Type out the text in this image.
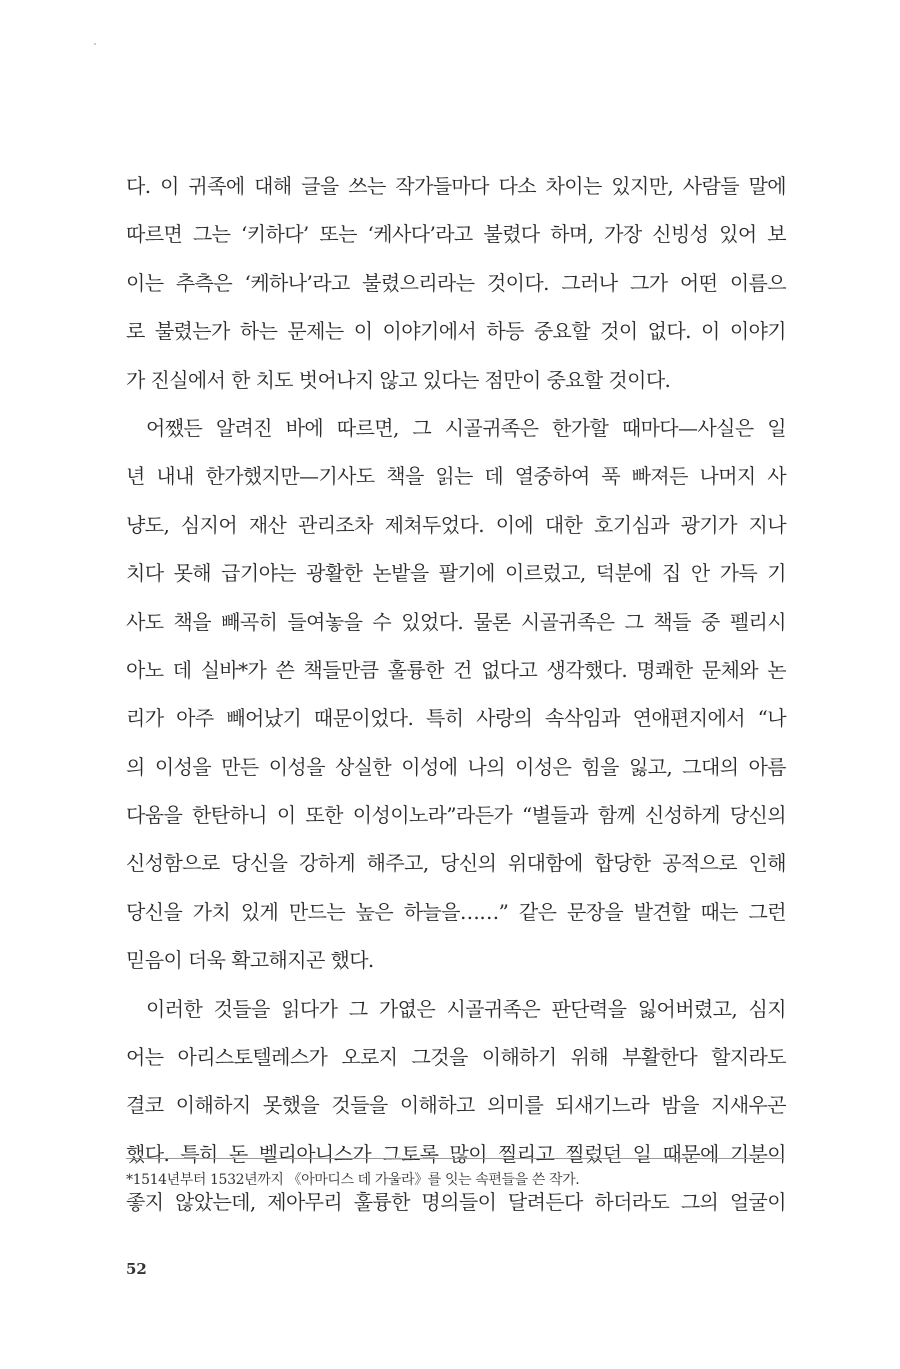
다. 이 귀족에 대해 글을 쓰는 작가들마다 다소 차이는 있지만, 사람들 말에
따르면 그는 ‘키하다’ 또는 ‘케사다’라고 불렸다 하며, 가장 신빙성 있어 보
이는 추측은 ‘케하나’라고 불렸으리라는 것이다. 그러나 그가 어떤 이름으
로 불렸는가 하는 문제는 이 이야기에서 하등 중요할 것이 없다. 이 이야기
가 진실에서 한 치도 벗어나지 않고 있다는 점만이 중요할 것이다.
어쨌든 알려진 바에 따르면, 그 시골귀족은 한가할 때마다—사실은 일
년 내내 한가했지만—기사도 책을 읽는 데 열중하여 푹 빠져든 나머지 사
냥도, 심지어 재산 관리조차 제쳐두었다. 이에 대한 호기심과 광기가 지나
치다 못해 급기야는 광활한 논밭을 팔기에 이르렀고, 덕분에 집 안 가득 기
사도 책을 빼곡히 들여놓을 수 있었다. 물론 시골귀족은 그 책들 중 펠리시
아노 데 실바*가 쓴 책들만큼 훌륭한 건 없다고 생각했다. 명쾌한 문체와 논
리가 아주 빼어났기 때문이었다. 특히 사랑의 속삭임과 연애편지에서 “나
의 이성을 만든 이성을 상실한 이성에 나의 이성은 힘을 잃고, 그대의 아름
다움을 한탄하니 이 또한 이성이노라”라든가 “별들과 함께 신성하게 당신의
신성함으로 당신을 강하게 해주고, 당신의 위대함에 합당한 공적으로 인해
당신을 가치 있게 만드는 높은 하늘을……” 같은 문장을 발견할 때는 그런
믿음이 더욱 확고해지곤 했다.
이러한 것들을 읽다가 그 가엾은 시골귀족은 판단력을 잃어버렸고, 심지
어는 아리스토텔레스가 오로지 그것을 이해하기 위해 부활한다 할지라도
결코 이해하지 못했을 것들을 이해하고 의미를 되새기느라 밤을 지새우곤
했다. 특히 돈 벨리아니스가 그토록 많이 찔리고 찔렀던 일 때문에 기분이
좋지 않았는데, 제아무리 훌륭한 명의들이 달려든다 하더라도 그의 얼굴이
*1514년부터 1532년까지 《아마디스 데 가울라》를 잇는 속편들을 쓴 작가.
52
